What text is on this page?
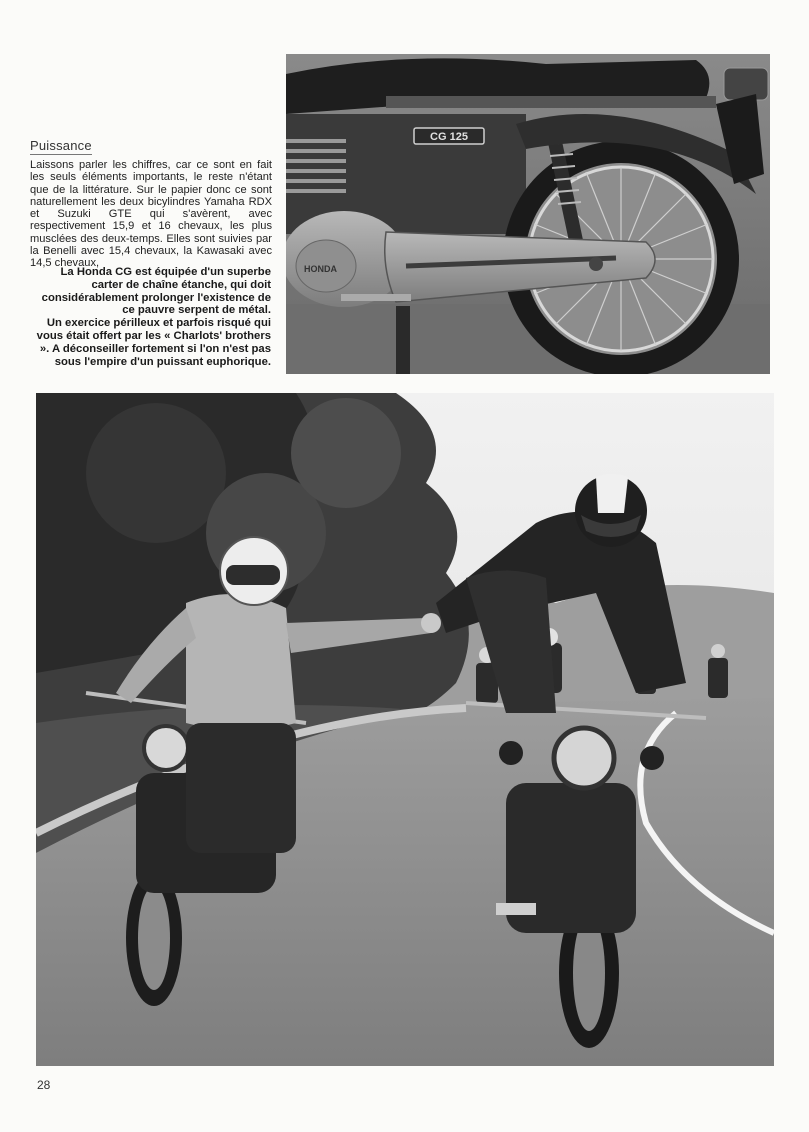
Puissance
Laissons parler les chiffres, car ce sont en fait les seuls éléments importants, le reste n'étant que de la littérature. Sur le papier donc ce sont naturellement les deux bicylindres Yamaha RDX et Suzuki GTE qui s'avèrent, avec respectivement 15,9 et 16 chevaux, les plus musclées des deux-temps. Elles sont suivies par la Benelli avec 15,4 chevaux, la Kawasaki avec 14,5 chevaux,

La Honda CG est équipée d'un superbe carter de chaîne étanche, qui doit considérablement prolonger l'existence de ce pauvre serpent de métal.

Un exercice périlleux et parfois risqué qui vous était offert par les « Charlots' brothers ». A déconseiller fortement si l'on n'est pas sous l'empire d'un puissant euphorique.

CG 125
HONDA
28
